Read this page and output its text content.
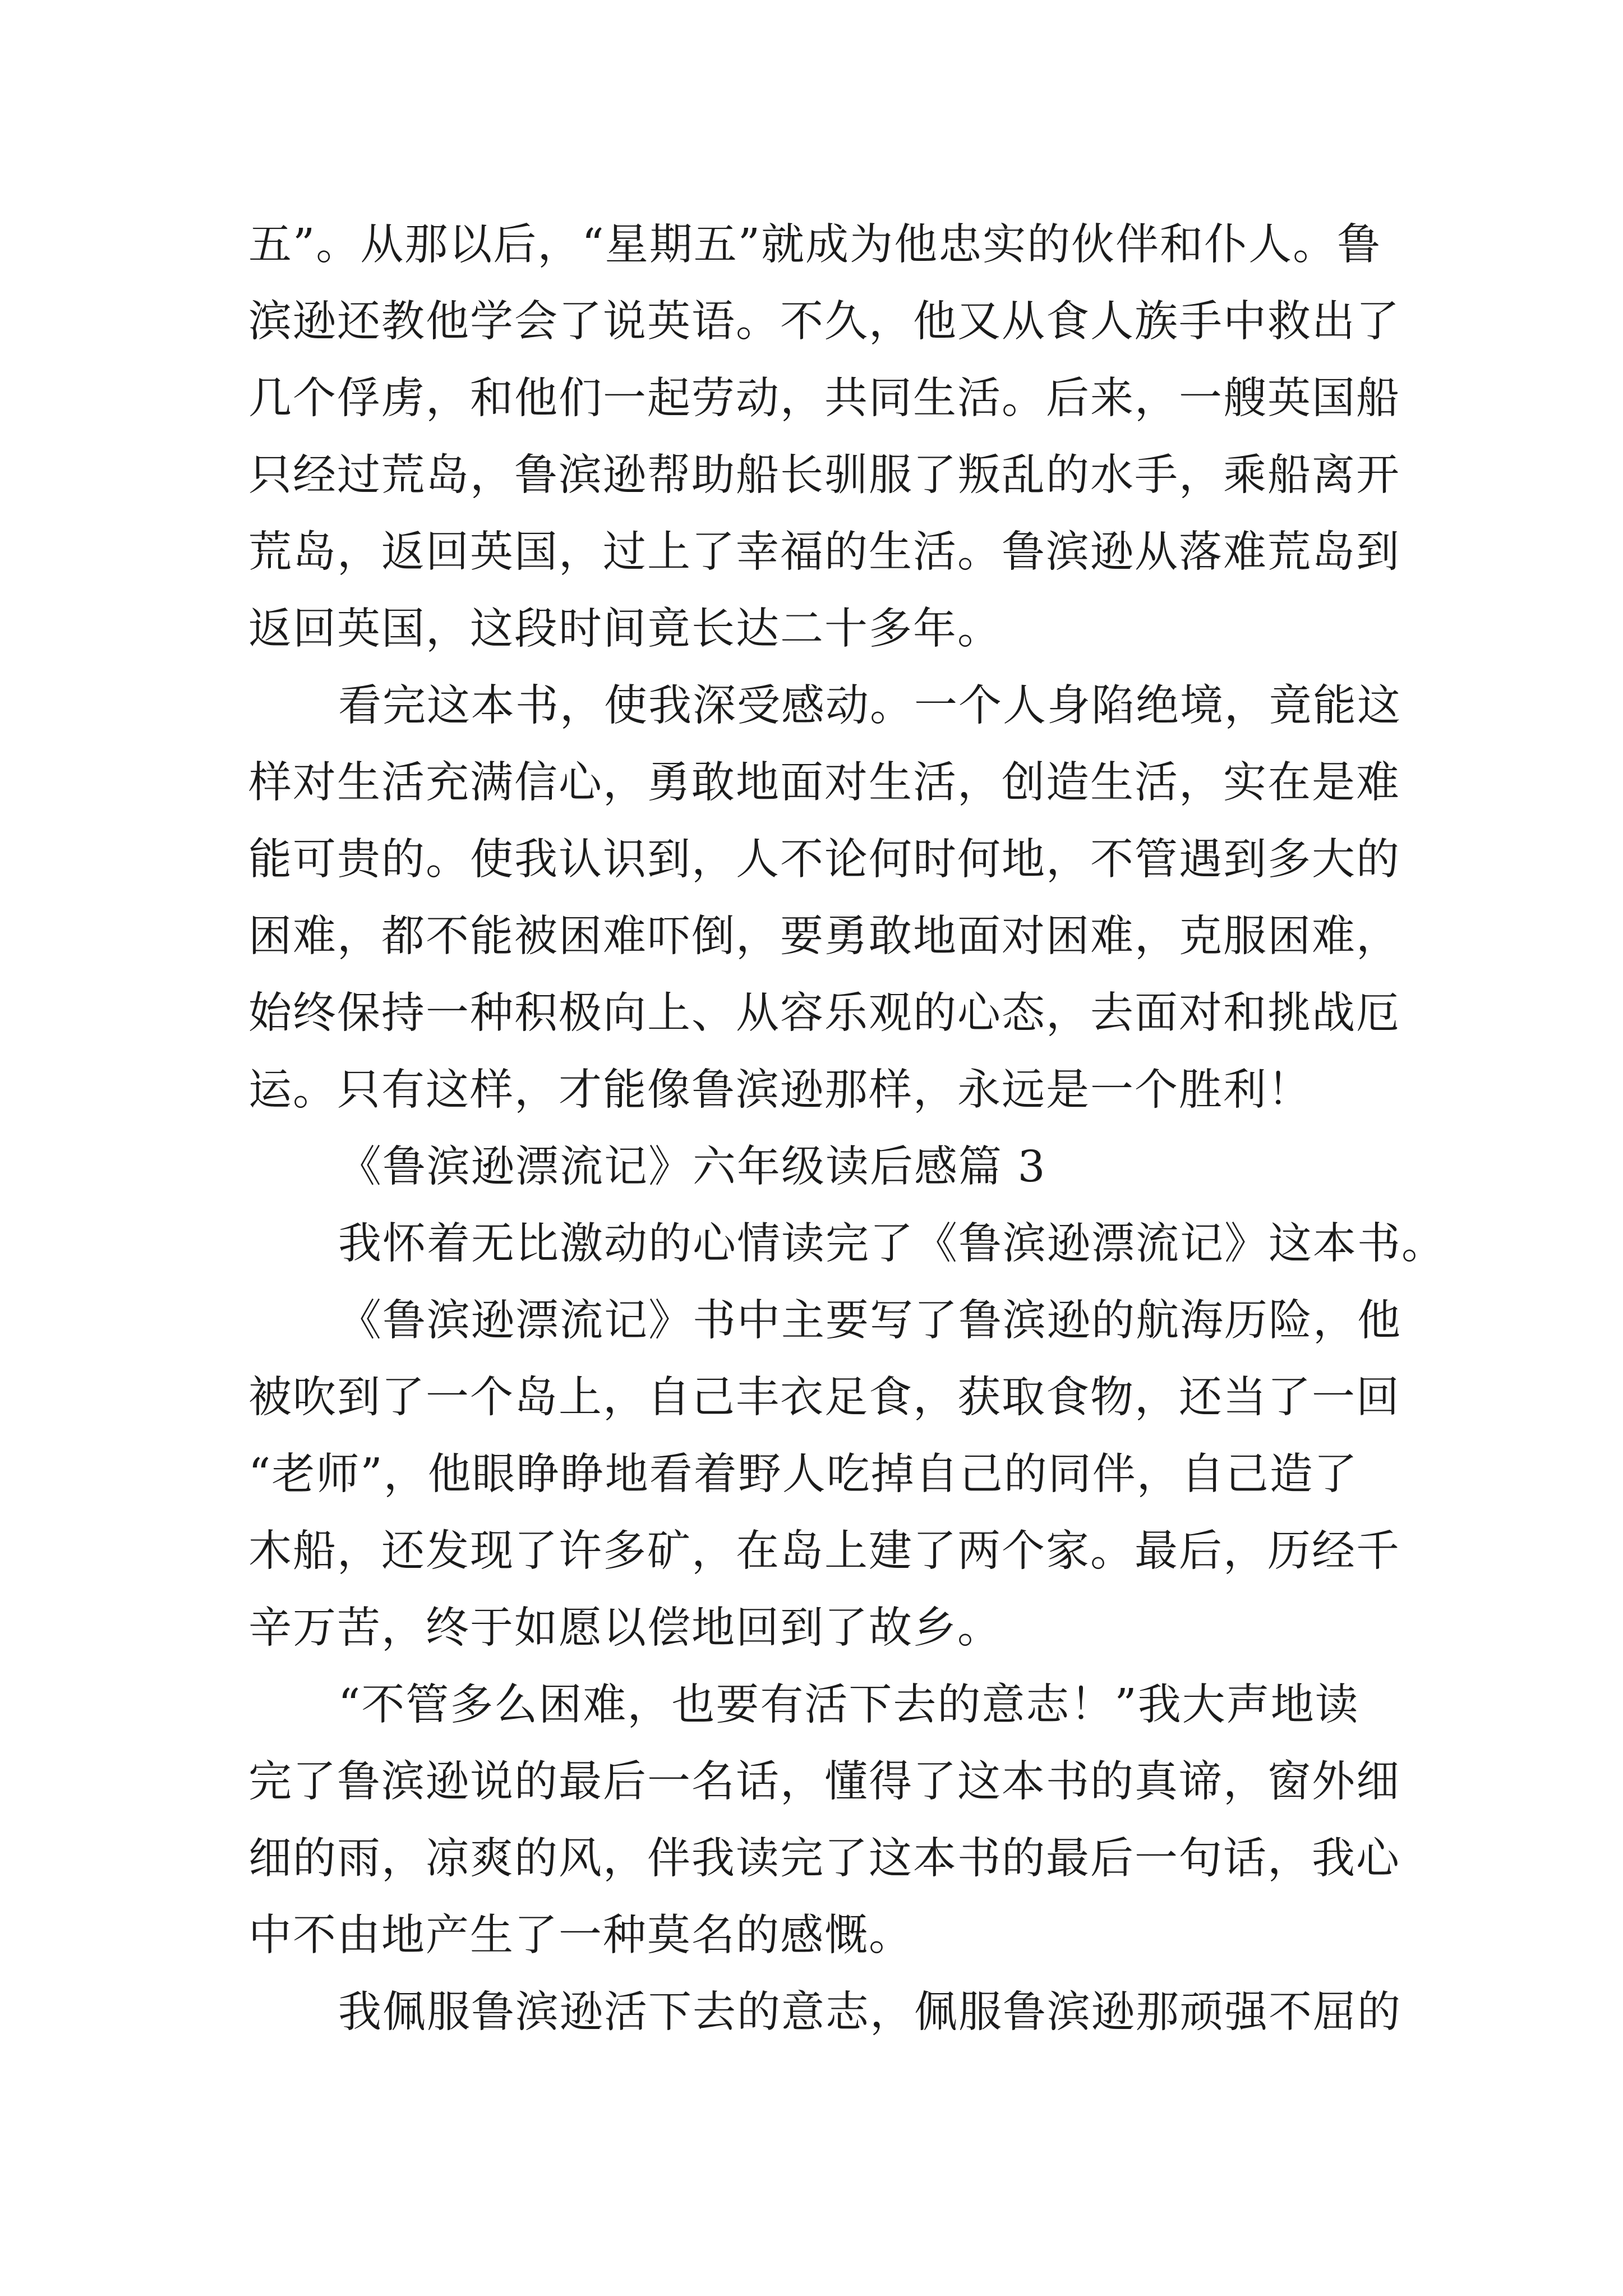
五”。从那以后，“星期五”就成为他忠实的伙伴和仆人。鲁
滨逊还教他学会了说英语。不久，他又从食人族手中救出了
几个俘虏，和他们一起劳动，共同生活。后来，一艘英国船
只经过荒岛，鲁滨逊帮助船长驯服了叛乱的水手，乘船离开
荒岛，返回英国，过上了幸福的生活。鲁滨逊从落难荒岛到
返回英国，这段时间竟长达二十多年。
看完这本书，使我深受感动。一个人身陷绝境，竟能这
样对生活充满信心，勇敢地面对生活，创造生活，实在是难
能可贵的。使我认识到，人不论何时何地，不管遇到多大的
困难，都不能被困难吓倒，要勇敢地面对困难，克服困难，
始终保持一种积极向上、从容乐观的心态，去面对和挑战厄
运。只有这样，才能像鲁滨逊那样，永远是一个胜利！
《鲁滨逊漂流记》六年级读后感篇 3
我怀着无比激动的心情读完了《鲁滨逊漂流记》这本书。
《鲁滨逊漂流记》书中主要写了鲁滨逊的航海历险，他
被吹到了一个岛上，自己丰衣足食，获取食物，还当了一回
“老师”，他眼睁睁地看着野人吃掉自己的同伴，自己造了
木船，还发现了许多矿，在岛上建了两个家。最后，历经千
辛万苦，终于如愿以偿地回到了故乡。
“不管多么困难，也要有活下去的意志！”我大声地读
完了鲁滨逊说的最后一名话，懂得了这本书的真谛，窗外细
细的雨，凉爽的风，伴我读完了这本书的最后一句话，我心
中不由地产生了一种莫名的感慨。
我佩服鲁滨逊活下去的意志，佩服鲁滨逊那顽强不屈的
